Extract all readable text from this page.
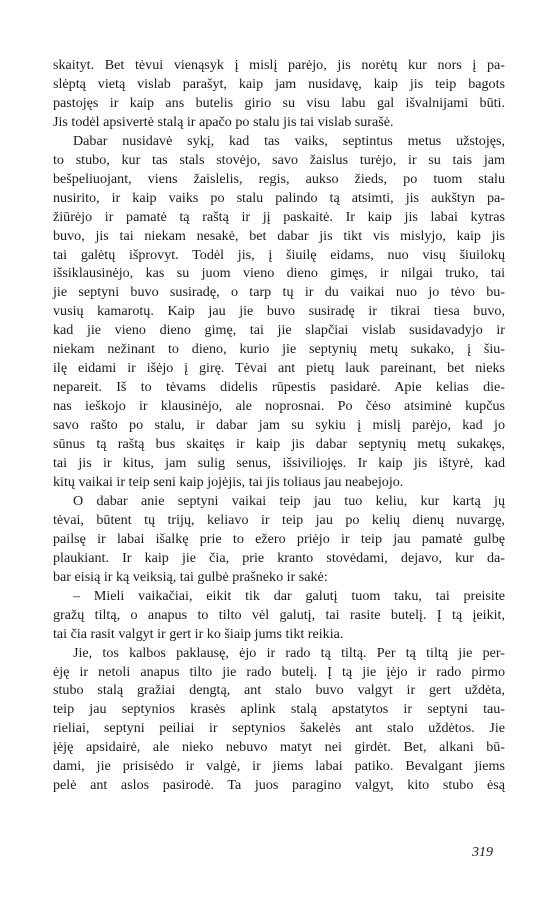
skaityt. Bet tėvui vienąsyk į mislį parėjo, jis norėtų kur nors į pa-
slėptą vietą vislab parašyt, kaip jam nusidavę, kaip jis teip bagots
pastojęs ir kaip ans butelis girio su visu labu gal išvalnijami būti.
Jis todėl apsivertė stalą ir apačo po stalu jis tai vislab surašė.

Dabar nusidavė sykį, kad tas vaiks, septintus metus užstojęs,
to stubo, kur tas stals stovėjo, savo žaislus turėjo, ir su tais jam
bešpeliuojant, viens žaislelis, regis, aukso žieds, po tuom stalu
nusirito, ir kaip vaiks po stalu palindo tą atsimti, jis aukštyn pa-
žiūrėjo ir pamatė tą raštą ir jį paskaitė. Ir kaip jis labai kytras
buvo, jis tai niekam nesakė, bet dabar jis tikt vis mislyjo, kaip jis
tai galėtų išprovyt. Todėl jis, į šiuilę eidams, nuo visų šiuilokų
išsiklausinėjo, kas su juom vieno dieno gimęs, ir nilgai truko, tai
jie septyni buvo susiradę, o tarp tų ir du vaikai nuo jo tėvo bu-
vusių kamarotų. Kaip jau jie buvo susiradę ir tikrai tiesa buvo,
kad jie vieno dieno gimę, tai jie slapčiai vislab susidavadyjo ir
niekam nežinant to dieno, kurio jie septynių metų sukako, į šiu-
ilę eidami ir išėjo į girę. Tėvai ant pietų lauk pareinant, bet nieks
nepareit. Iš to tėvams didelis rūpestis pasidarė. Apie kelias die-
nas ieškojo ir klausinėjo, ale noprosnai. Po čėso atsiminė kupčus
savo rašto po stalu, ir dabar jam su sykiu į mislį parėjo, kad jo
sūnus tą raštą bus skaitęs ir kaip jis dabar septynių metų sukakęs,
tai jis ir kitus, jam sulig senus, išsiviliojęs. Ir kaip jis ištyrė, kad
kitų vaikai ir teip seni kaip jojėjis, tai jis toliaus jau neabejojo.

O dabar anie septyni vaikai teip jau tuo keliu, kur kartą jų
tėvai, būtent tų trijų, keliavo ir teip jau po kelių dienų nuvargę,
pailsę ir labai išalkę prie to ežero priėjo ir teip jau pamatė gulbę
plaukiant. Ir kaip jie čia, prie kranto stovėdami, dejavo, kur da-
bar eisią ir ką veiksią, tai gulbė prašneko ir sakė:

– Mieli vaikačiai, eikit tik dar galutį tuom taku, tai preisite
gražų tiltą, o anapus to tilto vėl galutį, tai rasite butelį. Į tą įeikit,
tai čia rasit valgyt ir gert ir ko šiaip jums tikt reikia.

Jie, tos kalbos paklausę, ėjo ir rado tą tiltą. Per tą tiltą jie per-
ėję ir netoli anapus tilto jie rado butelį. Į tą jie įėjo ir rado pirmo
stubo stalą gražiai dengtą, ant stalo buvo valgyt ir gert uždėta,
teip jau septynios krasės aplink stalą apstatytos ir septyni tau-
rieliai, septyni peiliai ir septynios šakelės ant stalo uždėtos. Jie
įėję apsidairė, ale nieko nebuvo matyt nei girdėt. Bet, alkani bū-
dami, jie prisisėdo ir valgė, ir jiems labai patiko. Bevalgant jiems
pelė ant aslos pasirodė. Ta juos paragino valgyt, kito stubo ėsą

319
